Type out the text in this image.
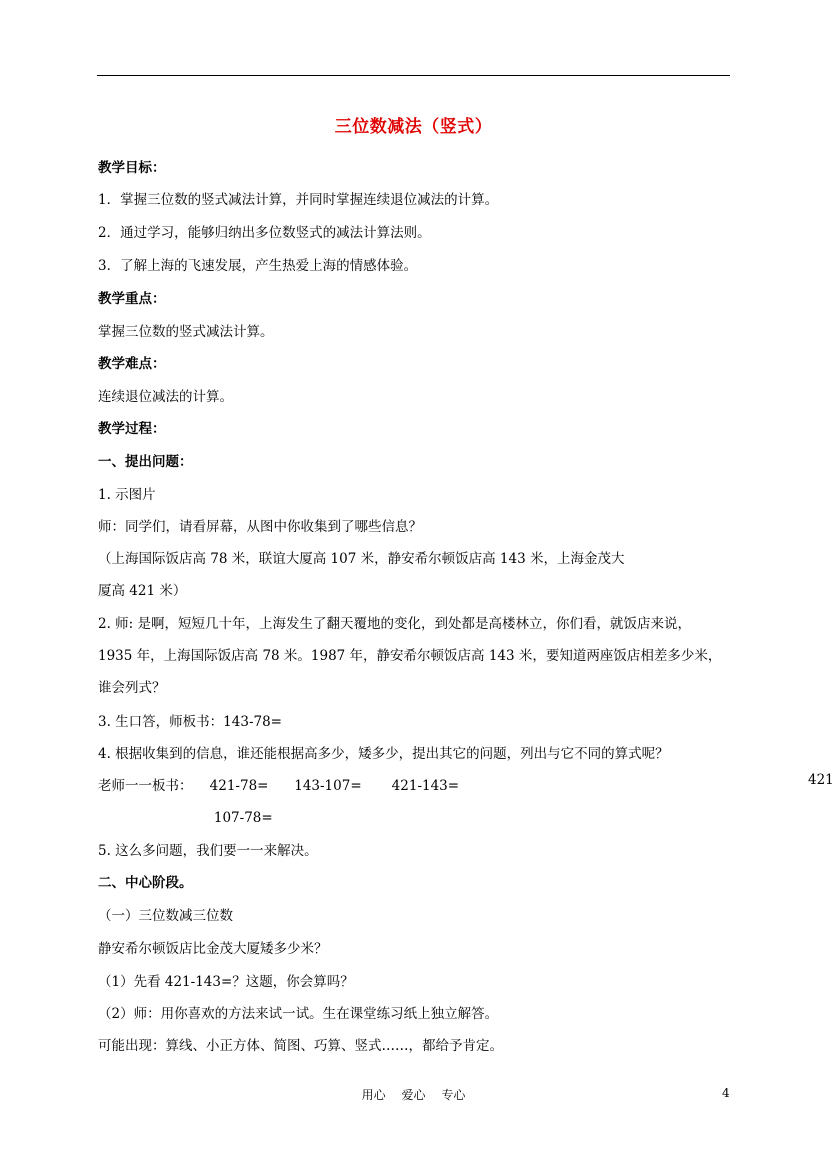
三位数减法（竖式）
教学目标：
1．掌握三位数的竖式减法计算，并同时掌握连续退位减法的计算。
2．通过学习，能够归纳出多位数竖式的减法计算法则。
3．了解上海的飞速发展，产生热爱上海的情感体验。
教学重点：
掌握三位数的竖式减法计算。
教学难点：
连续退位减法的计算。
教学过程：
一、提出问题：
1. 示图片
师：同学们，请看屏幕，从图中你收集到了哪些信息？
（上海国际饭店高 78 米，联谊大厦高 107 米，静安希尔顿饭店高 143 米，上海金茂大
厦高 421 米）
2. 师: 是啊，短短几十年，上海发生了翻天覆地的变化，到处都是高楼林立，你们看，就饭店来说，
1935 年，上海国际饭店高 78 米。1987 年，静安希尔顿饭店高 143 米，要知道两座饭店相差多少米，
谁会列式？
3. 生口答，师板书：143-78=
4. 根据收集到的信息，谁还能根据高多少，矮多少，提出其它的问题，列出与它不同的算式呢？
老师一一板书：    421-78=      143-107=       421-143=
107-78=
5. 这么多问题，我们要一一来解决。
二、中心阶段。
（一）三位数减三位数
静安希尔顿饭店比金茂大厦矮多少米？
（1）先看 421-143=？这题，你会算吗？
（2）师：用你喜欢的方法来试一试。生在课堂练习纸上独立解答。
可能出现：算线、小正方体、简图、巧算、竖式……，都给予肯定。
421
用心 爱心 专心	4
